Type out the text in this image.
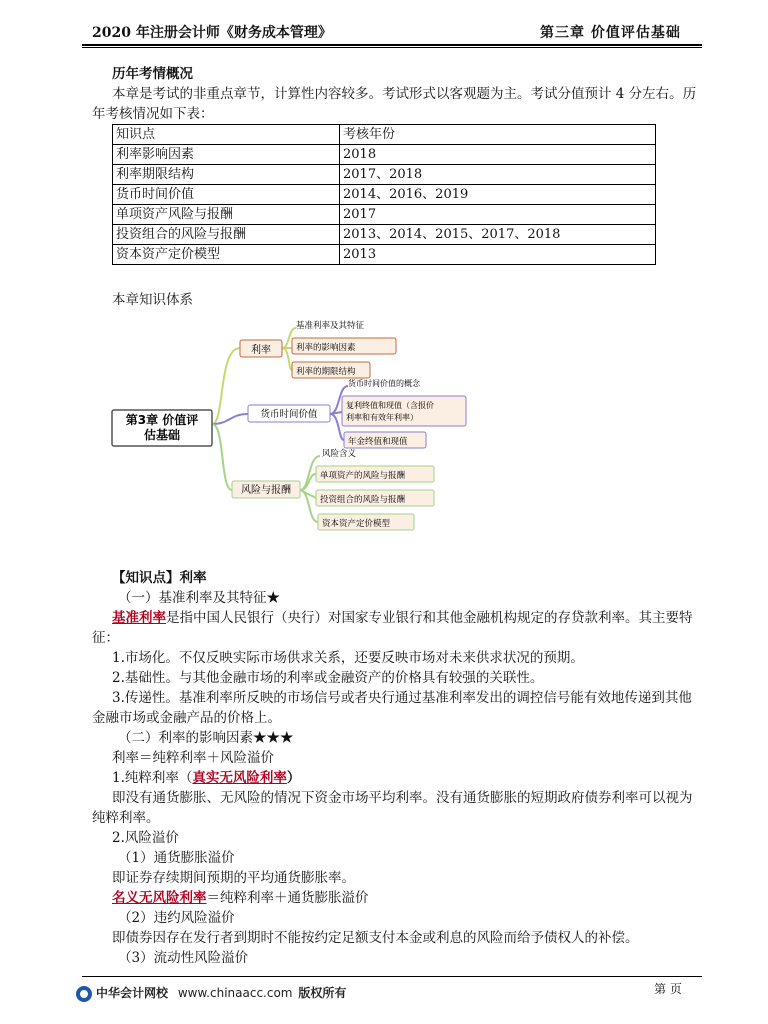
2020 年注册会计师《财务成本管理》	第三章 价值评估基础
历年考情概况
本章是考试的非重点章节，计算性内容较多。考试形式以客观题为主。考试分值预计 4 分左右。历
年考核情况如下表：
知识点	考核年份
利率影响因素	2018
利率期限结构	2017、2018
货币时间价值	2014、2016、2019
单项资产风险与报酬	2017
投资组合的风险与报酬	2013、2014、2015、2017、2018
资本资产定价模型	2013
本章知识体系
第3章 价值评
估基础
利率
基准利率及其特征
利率的影响因素
利率的期限结构
货币时间价值
货币时间价值的概念
复利终值和现值（含报价
利率和有效年利率）
年金终值和现值
风险与报酬
风险含义
单项资产的风险与报酬
投资组合的风险与报酬
资本资产定价模型
【知识点】利率
（一）基准利率及其特征★
基准利率是指中国人民银行（央行）对国家专业银行和其他金融机构规定的存贷款利率。其主要特
征：
1.市场化。不仅反映实际市场供求关系，还要反映市场对未来供求状况的预期。
2.基础性。与其他金融市场的利率或金融资产的价格具有较强的关联性。
3.传递性。基准利率所反映的市场信号或者央行通过基准利率发出的调控信号能有效地传递到其他
金融市场或金融产品的价格上。
（二）利率的影响因素★★★
利率＝纯粹利率＋风险溢价
1.纯粹利率（真实无风险利率）
即没有通货膨胀、无风险的情况下资金市场平均利率。没有通货膨胀的短期政府债券利率可以视为
纯粹利率。
2.风险溢价
（1）通货膨胀溢价
即证券存续期间预期的平均通货膨胀率。
名义无风险利率＝纯粹利率＋通货膨胀溢价
（2）违约风险溢价
即债券因存在发行者到期时不能按约定足额支付本金或利息的风险而给予债权人的补偿。
（3）流动性风险溢价
中华会计网校 www.chinaacc.com 版权所有	第 页
